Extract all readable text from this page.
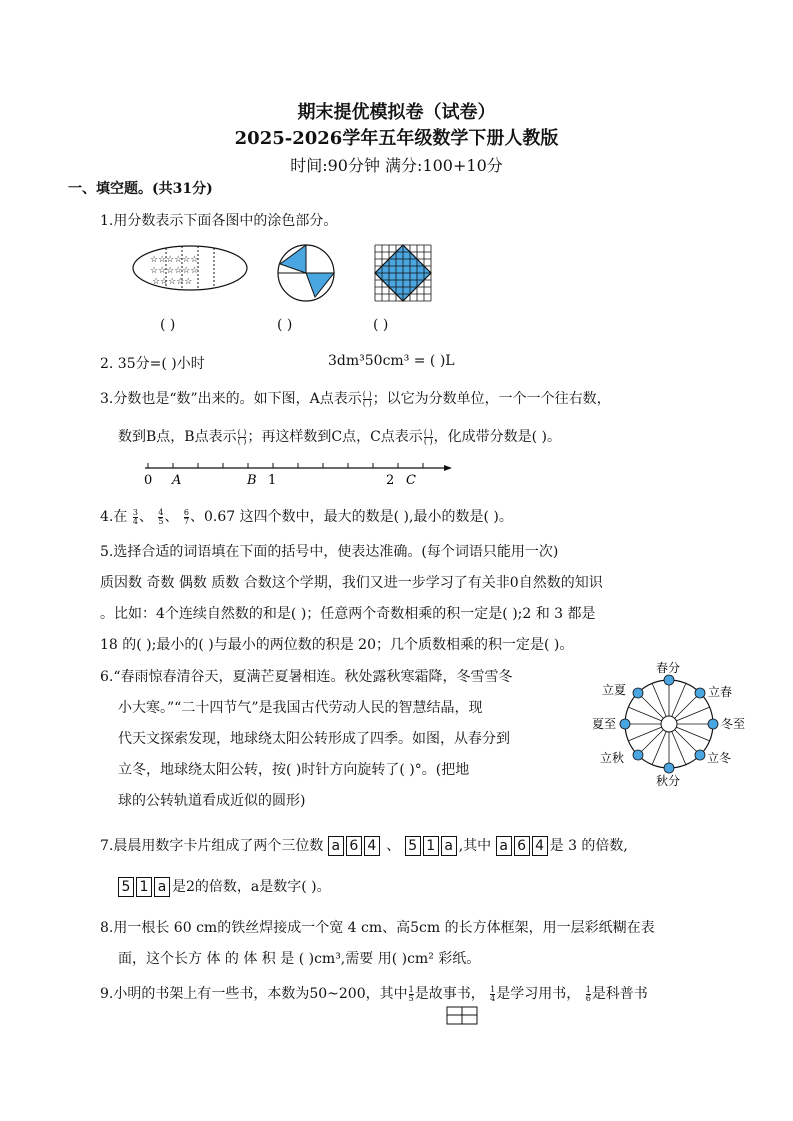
期末提优模拟卷（试卷）
2025-2026学年五年级数学下册人教版
时间:90分钟 满分:100+10分
一、填空题。(共31分)
1.用分数表示下面各图中的涂色部分。
☆☆☆☆☆☆
☆☆☆☆☆☆
☆☆☆☆☆
( )	( )	( )
2. 35分=( )小时	3dm³50cm³ = ( )L
3.分数也是“数”出来的。如下图，A点表示 $\frac{( )}{( )}$ ；以它为分数单位，一个一个往右数，
数到B点，B点表示 $\frac{( )}{( )}$ ；再这样数到C点，C点表示 $\frac{( )}{( )}$ ，化成带分数是( )。
0 A	B 1	2 C
4.在 $\frac{3}{4}$ 、 $\frac{4}{5}$ 、 $\frac{6}{7}$ 、0.67 这四个数中，最大的数是( ),最小的数是( )。
5.选择合适的词语填在下面的括号中，使表达准确。(每个词语只能用一次)
质因数 奇数 偶数 质数 合数这个学期，我们又进一步学习了有关非0自然数的知识
。比如：4个连续自然数的和是( )；任意两个奇数相乘的积一定是( );2 和 3 都是
18 的( );最小的( )与最小的两位数的积是 20；几个质数相乘的积一定是( )。
6.“春雨惊春清谷天，夏满芒夏暑相连。秋处露秋寒霜降，冬雪雪冬
小大寒。”“二十四节气”是我国古代劳动人民的智慧结晶，现
代天文探索发现，地球绕太阳公转形成了四季。如图，从春分到
立冬，地球绕太阳公转，按( )时针方向旋转了( )°。(把地
球的公转轨道看成近似的圆形)
春分
立春
冬至
立冬
秋分
立秋
夏至
立夏
7.晨晨用数字卡片组成了两个三位数 a 6 4 、 5 1 a ,其中 a 6 4 是 3 的倍数,
5 1 a 是2的倍数，a是数字( )。
8.用一根长 60 cm的铁丝焊接成一个宽 4 cm、高5cm 的长方体框架，用一层彩纸糊在表
面，这个长方 体 的 体 积 是 ( )cm³,需要 用( )cm² 彩纸。
9.小明的书架上有一些书，本数为50~200，其中 $\frac{1}{5}$ 是故事书， $\frac{1}{4}$ 是学习用书， $\frac{1}{6}$ 是科普书
